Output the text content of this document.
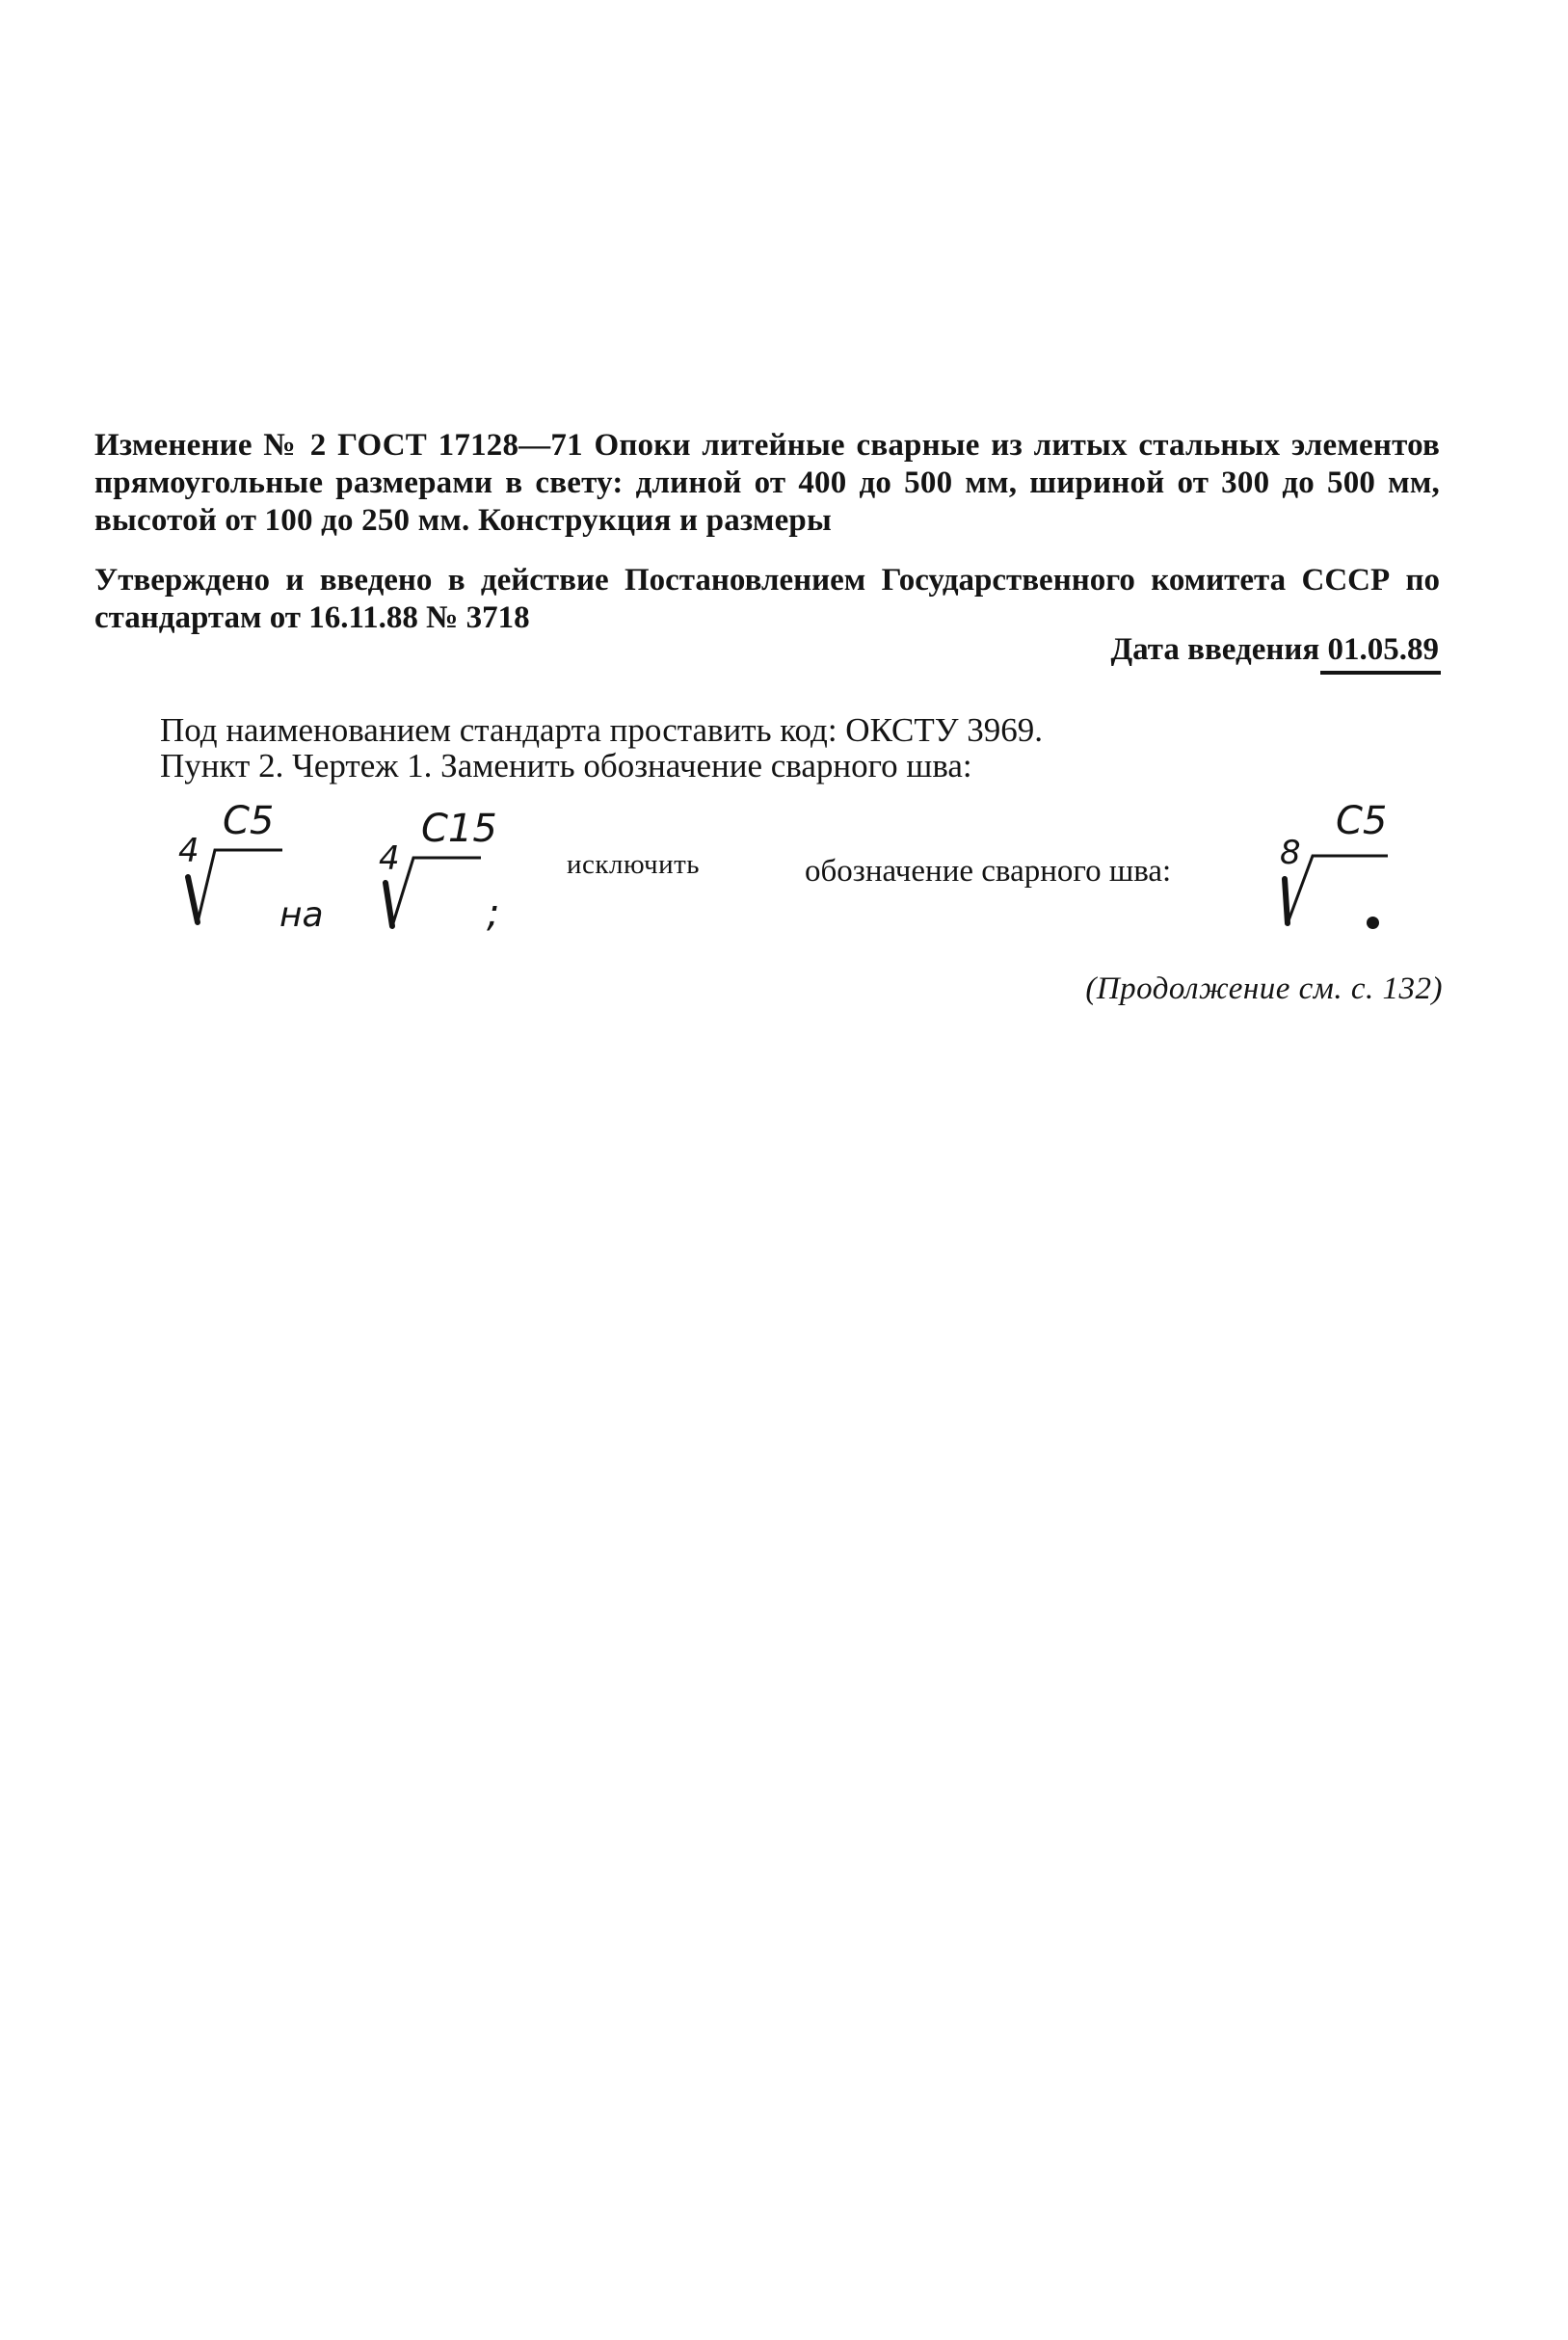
Изменение № 2 ГОСТ 17128—71 Опоки литейные сварные из литых стальных элементов прямоугольные размерами в свету: длиной от 400 до 500 мм, шириной от 300 до 500 мм, высотой от 100 до 250 мм. Конструкция и размеры
Утверждено и введено в действие Постановлением Государственного комитета СССР по стандартам от 16.11.88 № 3718
Дата введения 01.05.89
Под наименованием стандарта проставить код: ОКСТУ 3969.
Пункт 2. Чертеж 1. Заменить обозначение сварного шва:
4
С5
на
4
С15
;
исключить	обозначение сварного шва:	8
С5
(Продолжение см. с. 132)
